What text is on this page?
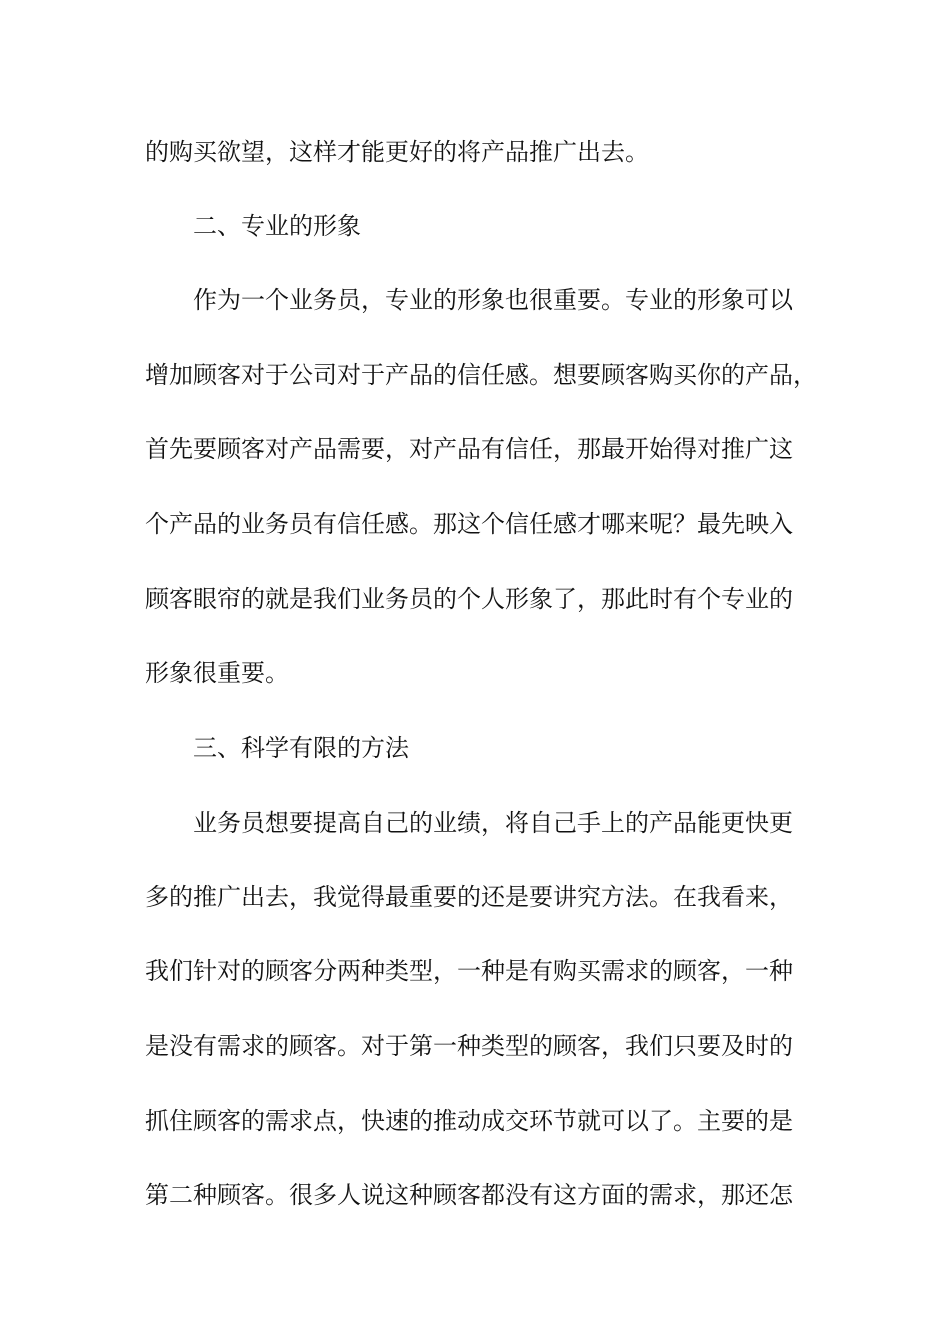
的购买欲望，这样才能更好的将产品推广出去。
二、专业的形象
作为一个业务员，专业的形象也很重要。专业的形象可以
增加顾客对于公司对于产品的信任感。想要顾客购买你的产品，
首先要顾客对产品需要，对产品有信任，那最开始得对推广这
个产品的业务员有信任感。那这个信任感才哪来呢？最先映入
顾客眼帘的就是我们业务员的个人形象了，那此时有个专业的
形象很重要。
三、科学有限的方法
业务员想要提高自己的业绩，将自己手上的产品能更快更
多的推广出去，我觉得最重要的还是要讲究方法。在我看来，
我们针对的顾客分两种类型，一种是有购买需求的顾客，一种
是没有需求的顾客。对于第一种类型的顾客，我们只要及时的
抓住顾客的需求点，快速的推动成交环节就可以了。主要的是
第二种顾客。很多人说这种顾客都没有这方面的需求，那还怎
